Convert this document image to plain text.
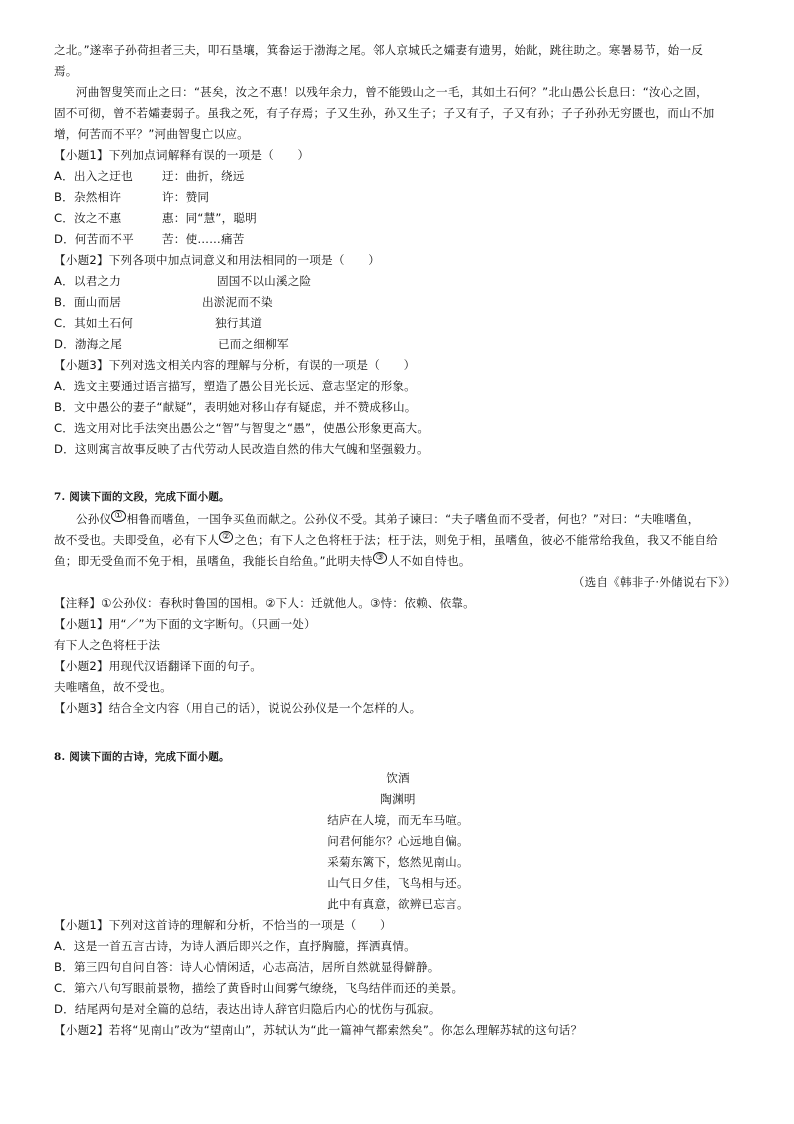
之北。”遂率子孙荷担者三夫，叩石垦壤，箕畚运于渤海之尾。邻人京城氏之孀妻有遗男，始龀，跳往助之。寒暑易节，始一反
焉。
河曲智叟笑而止之曰：“甚矣，汝之不惠！以残年余力，曾不能毁山之一毛，其如土石何？”北山愚公长息曰：“汝心之固，
固不可彻，曾不若孀妻弱子。虽我之死，有子存焉；子又生孙，孙又生子；子又有子，子又有孙；子子孙孙无穷匮也，而山不加
增，何苦而不平？”河曲智叟亡以应。
【小题1】下列加点词解释有误的一项是（　　）
A．出入之迂也	迂：曲折，绕远
B．杂然相许	许：赞同
C．汝之不惠	惠：同“慧”，聪明
D．何苦而不平 苦：使……痛苦
【小题2】下列各项中加点词意义和用法相同的一项是（　　）
A．以君之力	固国不以山溪之险
B．面山而居	出淤泥而不染
C．其如土石何	独行其道
D．渤海之尾	已而之细柳军
【小题3】下列对选文相关内容的理解与分析，有误的一项是（　　）
A．选文主要通过语言描写，塑造了愚公目光长远、意志坚定的形象。
B．文中愚公的妻子“献疑”，表明她对移山存有疑虑，并不赞成移山。
C．选文用对比手法突出愚公之“智”与智叟之“愚”，使愚公形象更高大。
D．这则寓言故事反映了古代劳动人民改造自然的伟大气魄和坚强毅力。
7. 阅读下面的文段，完成下面小题。
公孙仪 ① 相鲁而嗜鱼，一国争买鱼而献之。公孙仪不受。其弟子谏曰：“夫子嗜鱼而不受者，何也？”对曰：“夫唯嗜鱼，
故不受也。夫即受鱼，必有下人 ② 之色；有下人之色将枉于法；枉于法，则免于相，虽嗜鱼，彼必不能常给我鱼，我又不能自给
鱼；即无受鱼而不免于相，虽嗜鱼，我能长自给鱼。”此明夫恃 ③ 人不如自恃也。
（选自《韩非子·外储说右下》）
【注释】①公孙仪：春秋时鲁国的国相。②下人：迁就他人。③恃：依赖、依靠。
【小题1】用“／”为下面的文字断句。（只画一处）
有下人之色将枉于法
【小题2】用现代汉语翻译下面的句子。
夫唯嗜鱼，故不受也。
【小题3】结合全文内容（用自己的话），说说公孙仪是一个怎样的人。
8. 阅读下面的古诗，完成下面小题。
饮酒
陶渊明
结庐在人境，而无车马喧。
问君何能尔？心远地自偏。
采菊东篱下，悠然见南山。
山气日夕佳，飞鸟相与还。
此中有真意，欲辨已忘言。
【小题1】下列对这首诗的理解和分析，不恰当的一项是（　　）
A．这是一首五言古诗，为诗人酒后即兴之作，直抒胸臆，挥洒真情。
B．第三四句自问自答：诗人心情闲适，心志高洁，居所自然就显得僻静。
C．第六八句写眼前景物，描绘了黄昏时山间雾气缭绕，飞鸟结伴而还的美景。
D．结尾两句是对全篇的总结，表达出诗人辞官归隐后内心的忧伤与孤寂。
【小题2】若将“见南山”改为“望南山”，苏轼认为“此一篇神气都索然矣”。你怎么理解苏轼的这句话？
